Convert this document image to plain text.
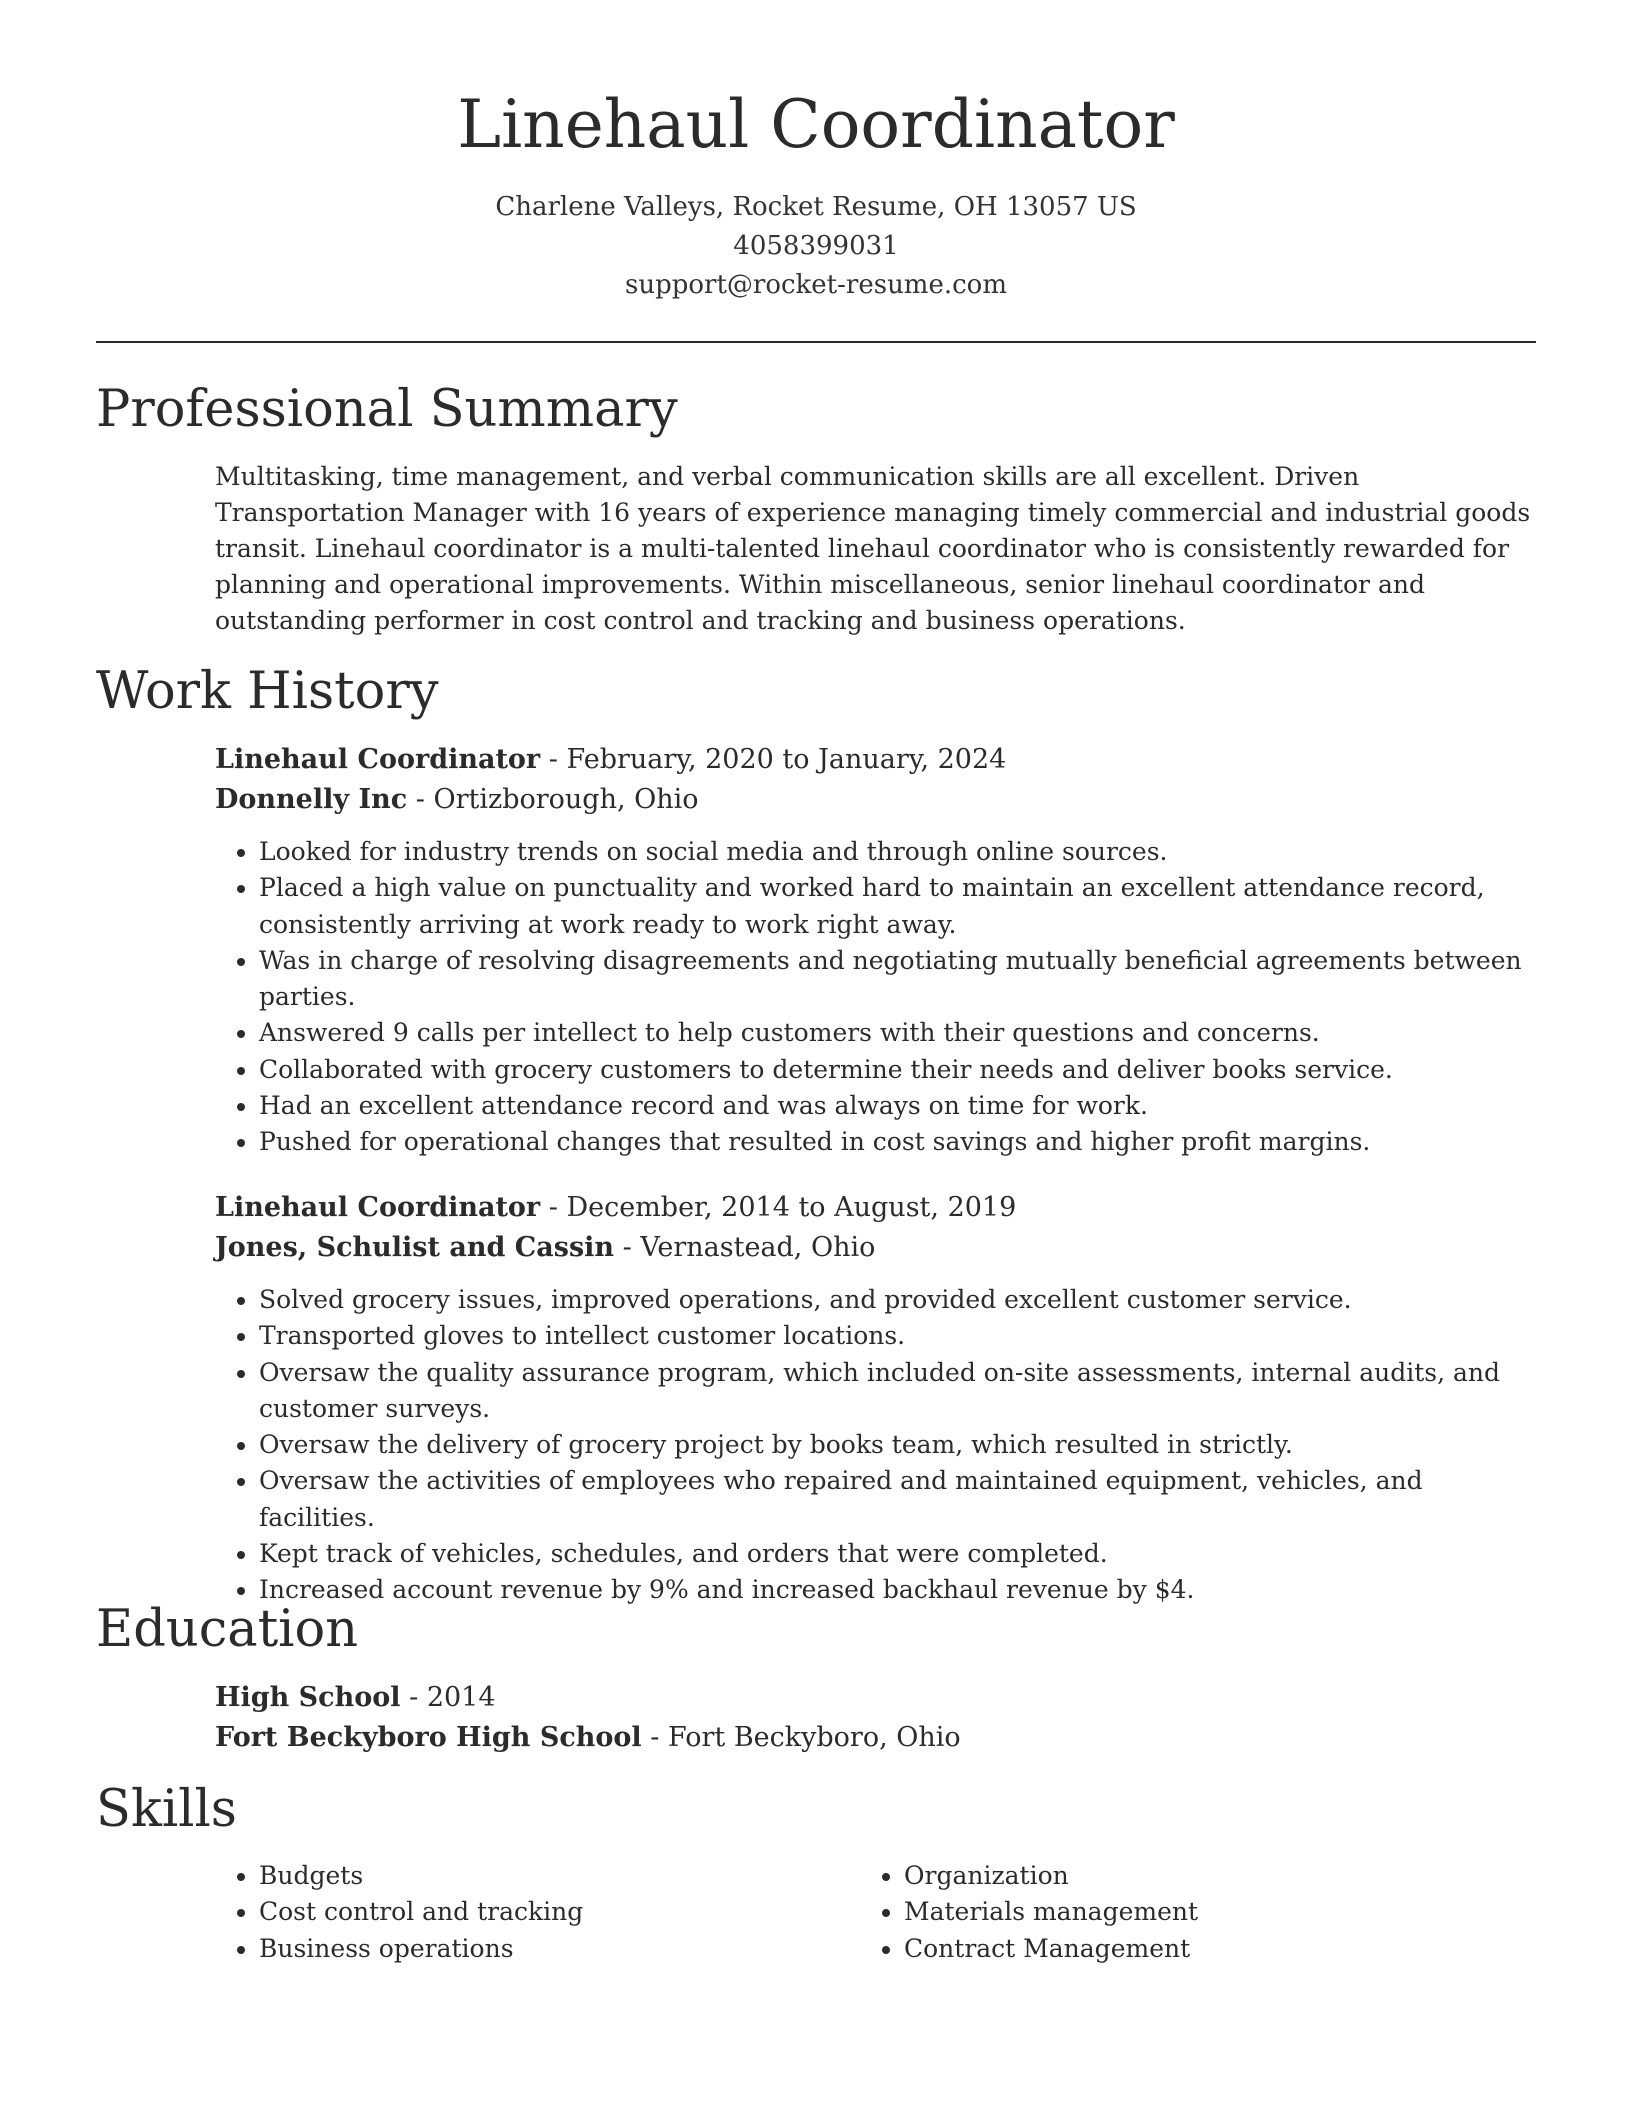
Linehaul Coordinator
Charlene Valleys, Rocket Resume, OH 13057 US
4058399031
support@rocket-resume.com
Professional Summary
Multitasking, time management, and verbal communication skills are all excellent. Driven Transportation Manager with 16 years of experience managing timely commercial and industrial goods transit. Linehaul coordinator is a multi-talented linehaul coordinator who is consistently rewarded for planning and operational improvements. Within miscellaneous, senior linehaul coordinator and outstanding performer in cost control and tracking and business operations.
Work History
Linehaul Coordinator - February, 2020 to January, 2024
Donnelly Inc - Ortizborough, Ohio
• Looked for industry trends on social media and through online sources.
• Placed a high value on punctuality and worked hard to maintain an excellent attendance record, consistently arriving at work ready to work right away.
• Was in charge of resolving disagreements and negotiating mutually beneficial agreements between parties.
• Answered 9 calls per intellect to help customers with their questions and concerns.
• Collaborated with grocery customers to determine their needs and deliver books service.
• Had an excellent attendance record and was always on time for work.
• Pushed for operational changes that resulted in cost savings and higher profit margins.
Linehaul Coordinator - December, 2014 to August, 2019
Jones, Schulist and Cassin - Vernastead, Ohio
• Solved grocery issues, improved operations, and provided excellent customer service.
• Transported gloves to intellect customer locations.
• Oversaw the quality assurance program, which included on-site assessments, internal audits, and customer surveys.
• Oversaw the delivery of grocery project by books team, which resulted in strictly.
• Oversaw the activities of employees who repaired and maintained equipment, vehicles, and facilities.
• Kept track of vehicles, schedules, and orders that were completed.
• Increased account revenue by 9% and increased backhaul revenue by $4.
Education
High School - 2014
Fort Beckyboro High School - Fort Beckyboro, Ohio
Skills
• Budgets
• Cost control and tracking
• Business operations
• Organization
• Materials management
• Contract Management
